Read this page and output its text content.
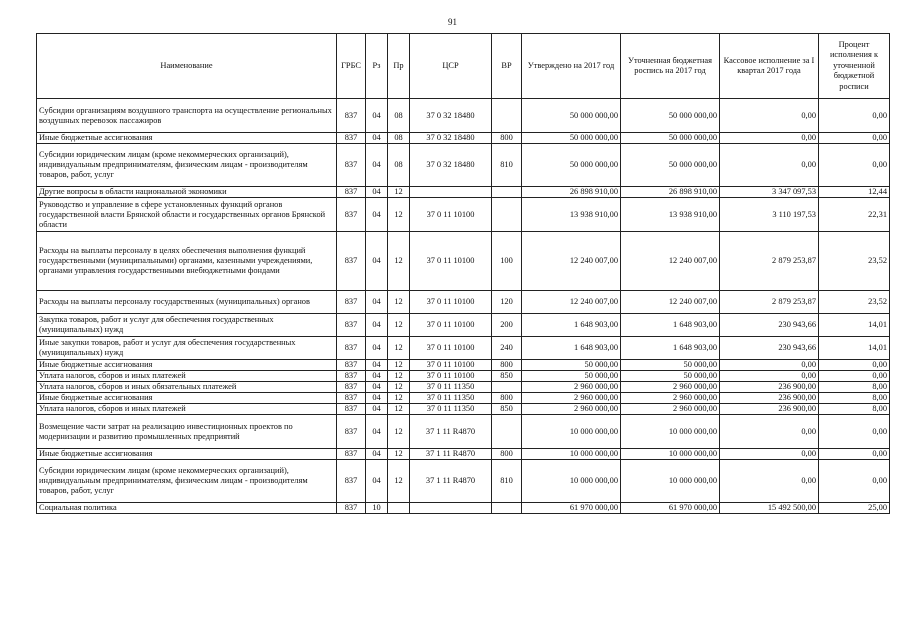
91
Наименование	ГРБС	Рз	Пр	ЦСР	ВР	Утверждено на 2017 год	Уточненная бюджетная роспись на 2017 год	Кассовое исполнение за I квартал 2017 года	Процент исполнения к уточненной бюджетной росписи
Субсидии организациям воздушного транспорта на осуществление региональных воздушных перевозок пассажиров	837	04	08	37 0 32 18480		50 000 000,00	50 000 000,00	0,00	0,00
Иные бюджетные ассигнования	837	04	08	37 0 32 18480	800	50 000 000,00	50 000 000,00	0,00	0,00
Субсидии юридическим лицам (кроме некоммерческих организаций), индивидуальным предпринимателям, физическим лицам - производителям товаров, работ, услуг	837	04	08	37 0 32 18480	810	50 000 000,00	50 000 000,00	0,00	0,00
Другие вопросы в области национальной экономики	837	04	12			26 898 910,00	26 898 910,00	3 347 097,53	12,44
Руководство и управление в сфере установленных функций органов государственной власти Брянской области и государственных органов Брянской области	837	04	12	37 0 11 10100		13 938 910,00	13 938 910,00	3 110 197,53	22,31
Расходы на выплаты персоналу в целях обеспечения выполнения функций государственными (муниципальными) органами, казенными учреждениями, органами управления государственными внебюджетными фондами	837	04	12	37 0 11 10100	100	12 240 007,00	12 240 007,00	2 879 253,87	23,52
Расходы на выплаты персоналу государственных (муниципальных) органов	837	04	12	37 0 11 10100	120	12 240 007,00	12 240 007,00	2 879 253,87	23,52
Закупка товаров, работ и услуг для обеспечения государственных (муниципальных) нужд	837	04	12	37 0 11 10100	200	1 648 903,00	1 648 903,00	230 943,66	14,01
Иные закупки товаров, работ и услуг для обеспечения государственных (муниципальных) нужд	837	04	12	37 0 11 10100	240	1 648 903,00	1 648 903,00	230 943,66	14,01
Иные бюджетные ассигнования	837	04	12	37 0 11 10100	800	50 000,00	50 000,00	0,00	0,00
Уплата налогов, сборов и иных платежей	837	04	12	37 0 11 10100	850	50 000,00	50 000,00	0,00	0,00
Уплата налогов, сборов и иных обязательных платежей	837	04	12	37 0 11 11350		2 960 000,00	2 960 000,00	236 900,00	8,00
Иные бюджетные ассигнования	837	04	12	37 0 11 11350	800	2 960 000,00	2 960 000,00	236 900,00	8,00
Уплата налогов, сборов и иных платежей	837	04	12	37 0 11 11350	850	2 960 000,00	2 960 000,00	236 900,00	8,00
Возмещение части затрат на реализацию инвестиционных проектов по модернизации и развитию промышленных предприятий	837	04	12	37 1 11 R4870		10 000 000,00	10 000 000,00	0,00	0,00
Иные бюджетные ассигнования	837	04	12	37 1 11 R4870	800	10 000 000,00	10 000 000,00	0,00	0,00
Субсидии юридическим лицам (кроме некоммерческих организаций), индивидуальным предпринимателям, физическим лицам - производителям товаров, работ, услуг	837	04	12	37 1 11 R4870	810	10 000 000,00	10 000 000,00	0,00	0,00
Социальная политика	837	10				61 970 000,00	61 970 000,00	15 492 500,00	25,00
